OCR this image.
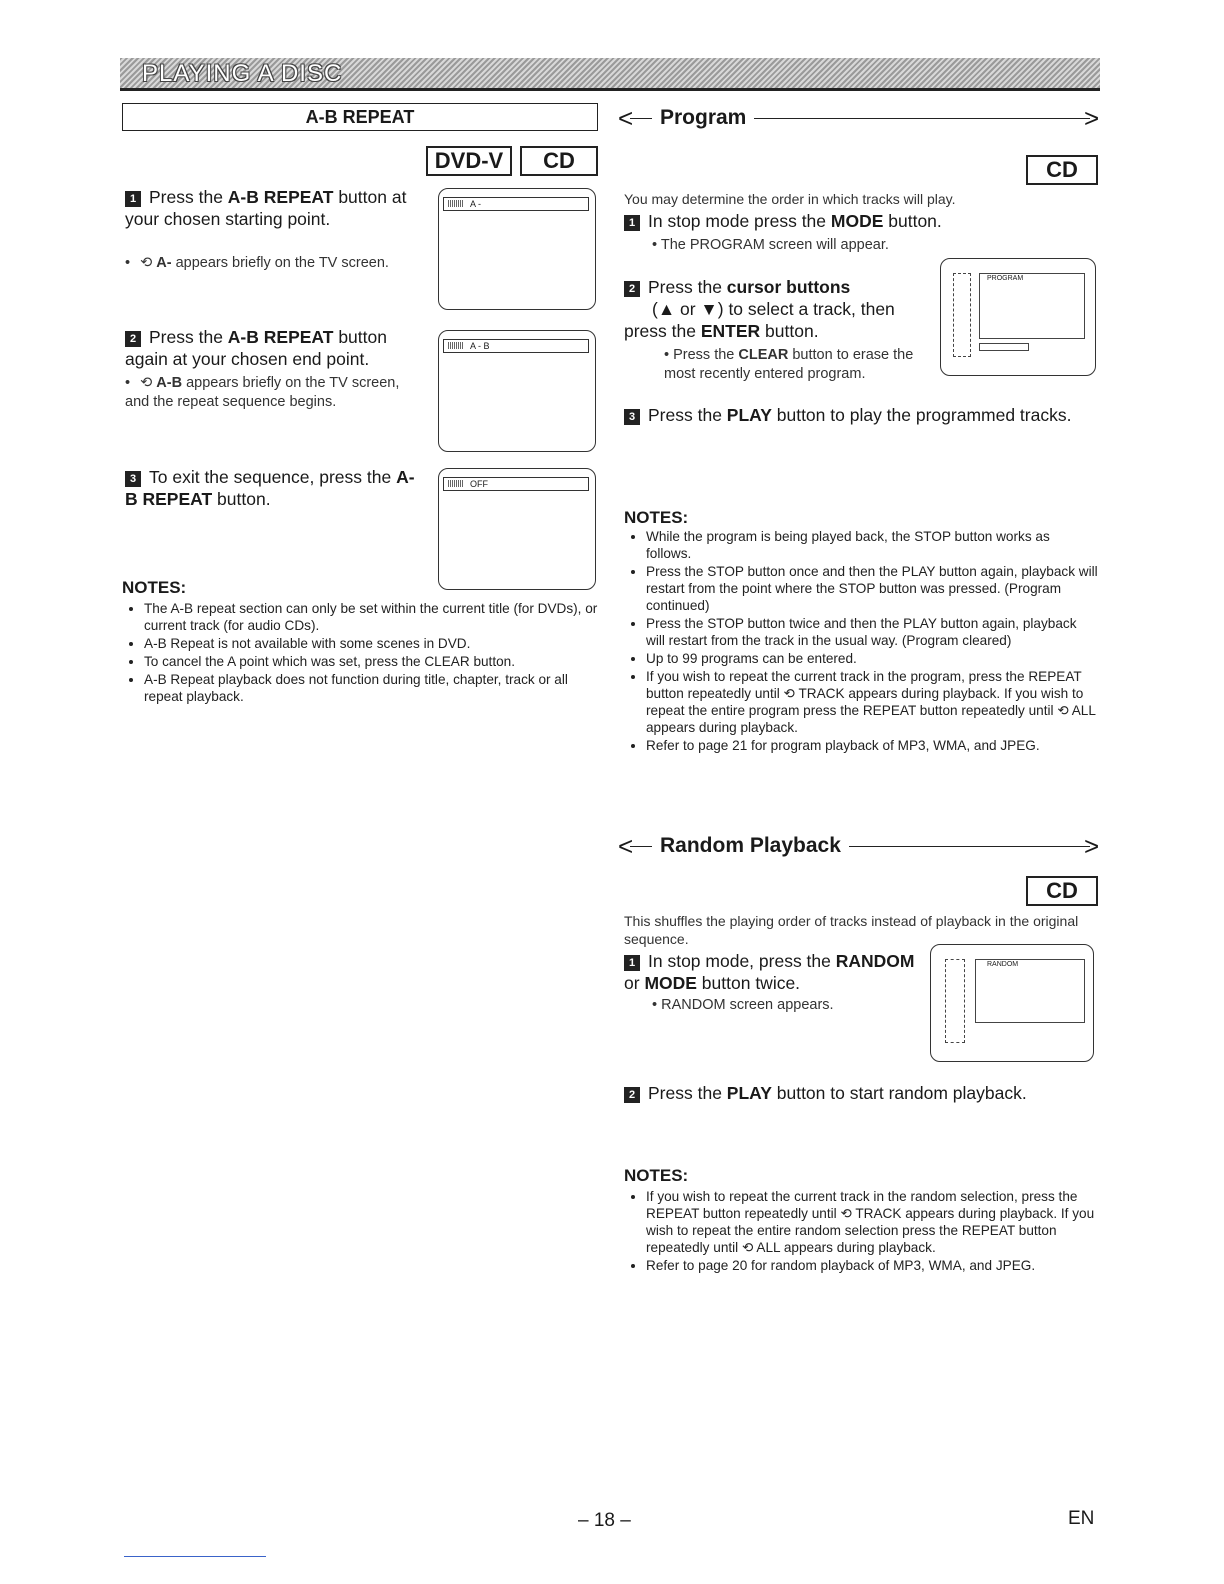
PLAYING A DISC
A-B REPEAT
DVD-V	CD
1 Press the A-B REPEAT button at your chosen starting point.
• ⟲ A- appears briefly on the TV screen.
A -
2 Press the A-B REPEAT button again at your chosen end point.
• ⟲ A-B appears briefly on the TV screen, and the repeat sequence begins.
A - B
3 To exit the sequence, press the A-B REPEAT button.
OFF
NOTES:
• The A-B repeat section can only be set within the current title (for DVDs), or current track (for audio CDs).
• A-B Repeat is not available with some scenes in DVD.
• To cancel the A point which was set, press the CLEAR button.
• A-B Repeat playback does not function during title, chapter, track or all repeat playback.
<	>
Program
CD
You may determine the order in which tracks will play.
1 In stop mode press the MODE button.
• The PROGRAM screen will appear.
2 Press the cursor buttons
(▲ or ▼) to select a track, then press the ENTER button.
• Press the CLEAR button to erase the most recently entered program.
PROGRAM
3 Press the PLAY button to play the programmed tracks.
NOTES:
• While the program is being played back, the STOP button works as follows.
• Press the STOP button once and then the PLAY button again, playback will restart from the point where the STOP button was pressed. (Program continued)
• Press the STOP button twice and then the PLAY button again, playback will restart from the track in the usual way. (Program cleared)
• Up to 99 programs can be entered.
• If you wish to repeat the current track in the program, press the REPEAT button repeatedly until ⟲ TRACK appears during playback. If you wish to repeat the entire program press the REPEAT button repeatedly until ⟲ ALL appears during playback.
• Refer to page 21 for program playback of MP3, WMA, and JPEG.
<	>
Random Playback
CD
This shuffles the playing order of tracks instead of playback in the original sequence.
1 In stop mode, press the RANDOM or MODE button twice.
• RANDOM screen appears.
RANDOM
2 Press the PLAY button to start random playback.
NOTES:
• If you wish to repeat the current track in the random selection, press the REPEAT button repeatedly until ⟲ TRACK appears during playback. If you wish to repeat the entire random selection press the REPEAT button repeatedly until ⟲ ALL appears during playback.
• Refer to page 20 for random playback of MP3, WMA, and JPEG.
– 18 –	EN
